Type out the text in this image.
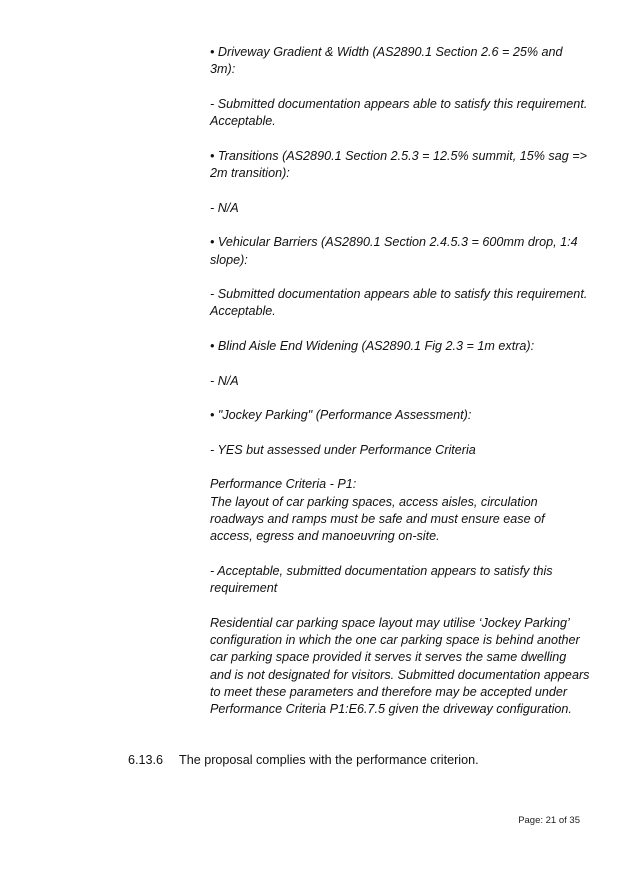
• Driveway Gradient & Width (AS2890.1 Section 2.6 = 25% and 3m):

- Submitted documentation appears able to satisfy this requirement. Acceptable.

• Transitions (AS2890.1 Section 2.5.3 = 12.5% summit, 15% sag => 2m transition):

- N/A

• Vehicular Barriers (AS2890.1 Section 2.4.5.3 = 600mm drop, 1:4 slope):

- Submitted documentation appears able to satisfy this requirement. Acceptable.

• Blind Aisle End Widening (AS2890.1 Fig 2.3 = 1m extra):

- N/A

• "Jockey Parking" (Performance Assessment):

- YES but assessed under Performance Criteria

Performance Criteria - P1:

The layout of car parking spaces, access aisles, circulation roadways and ramps must be safe and must ensure ease of access, egress and manoeuvring on-site.

- Acceptable, submitted documentation appears to satisfy this requirement

Residential car parking space layout may utilise ‘Jockey Parking’ configuration in which the one car parking space is behind another car parking space provided it serves it serves the same dwelling and is not designated for visitors. Submitted documentation appears to meet these parameters and therefore may be accepted under Performance Criteria P1:E6.7.5 given the driveway configuration.

6.13.6	The proposal complies with the performance criterion.
Page: 21 of 35
